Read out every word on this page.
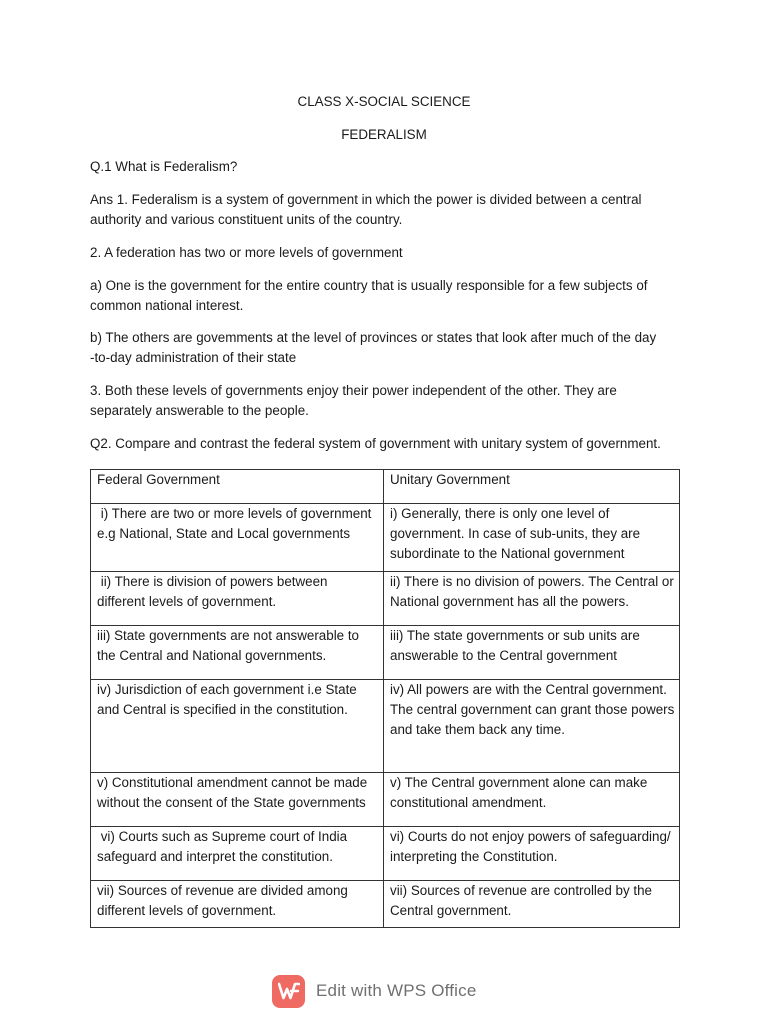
CLASS X-SOCIAL SCIENCE
FEDERALISM

Q.1 What is Federalism?

Ans 1. Federalism is a system of government in which the power is divided between a central
authority and various constituent units of the country.

2. A federation has two or more levels of government

a) One is the government for the entire country that is usually responsible for a few subjects of
common national interest.

b) The others are govemments at the level of provinces or states that look after much of the day
-to-day administration of their state

3. Both these levels of governments enjoy their power independent of the other. They are
separately answerable to the people.

Q2. Compare and contrast the federal system of government with unitary system of government.

Federal Government	Unitary Government
i) There are two or more levels of government e.g National, State and Local governments	i) Generally, there is only one level of government. In case of sub-units, they are subordinate to the National government
ii) There is division of powers between different levels of government.	ii) There is no division of powers. The Central or National government has all the powers.
iii) State governments are not answerable to the Central and National governments.	iii) The state governments or sub units are answerable to the Central government
iv) Jurisdiction of each government i.e State and Central is specified in the constitution.	iv) All powers are with the Central government. The central government can grant those powers and take them back any time.
v) Constitutional amendment cannot be made without the consent of the State governments	v) The Central government alone can make constitutional amendment.
vi) Courts such as Supreme court of India safeguard and interpret the constitution.	vi) Courts do not enjoy powers of safeguarding/ interpreting the Constitution.
vii) Sources of revenue are divided among different levels of government.	vii) Sources of revenue are controlled by the Central government.
Edit with WPS Office
